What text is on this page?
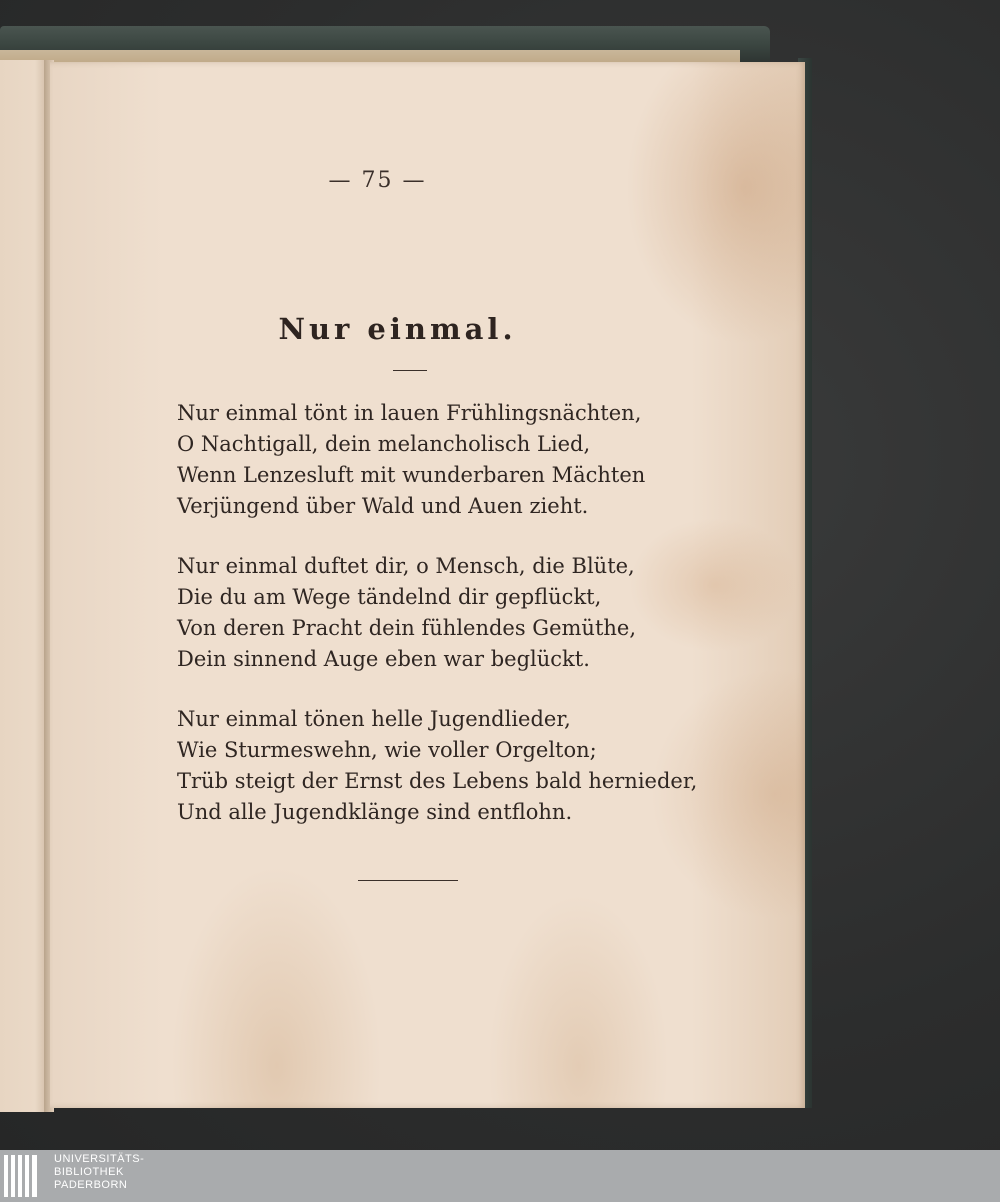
— 75 —
Nur einmal.
Nur einmal tönt in lauen Frühlingsnächten,
O Nachtigall, dein melancholisch Lied,
Wenn Lenzesluft mit wunderbaren Mächten
Verjüngend über Wald und Auen zieht.
Nur einmal duftet dir, o Mensch, die Blüte,
Die du am Wege tändelnd dir gepflückt,
Von deren Pracht dein fühlendes Gemüthe,
Dein sinnend Auge eben war beglückt.
Nur einmal tönen helle Jugendlieder,
Wie Sturmeswehn, wie voller Orgelton;
Trüb steigt der Ernst des Lebens bald hernieder,
Und alle Jugendklänge sind entflohn.
UNIVERSITÄTS-
BIBLIOTHEK
PADERBORN
